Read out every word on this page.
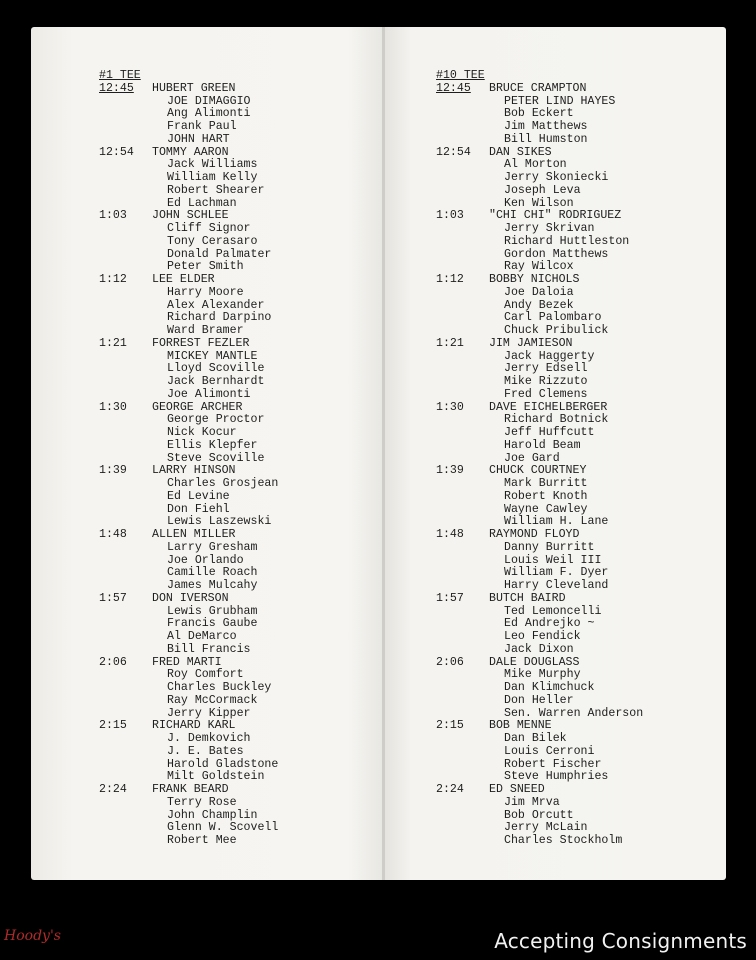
#1 TEE
12:45	HUBERT GREEN
JOE DIMAGGIO
Ang Alimonti
Frank Paul
JOHN HART
12:54	TOMMY AARON
Jack Williams
William Kelly
Robert Shearer
Ed Lachman
1:03	JOHN SCHLEE
Cliff Signor
Tony Cerasaro
Donald Palmater
Peter Smith
1:12	LEE ELDER
Harry Moore
Alex Alexander
Richard Darpino
Ward Bramer
1:21	FORREST FEZLER
MICKEY MANTLE
Lloyd Scoville
Jack Bernhardt
Joe Alimonti
1:30	GEORGE ARCHER
George Proctor
Nick Kocur
Ellis Klepfer
Steve Scoville
1:39	LARRY HINSON
Charles Grosjean
Ed Levine
Don Fiehl
Lewis Laszewski
1:48	ALLEN MILLER
Larry Gresham
Joe Orlando
Camille Roach
James Mulcahy
1:57	DON IVERSON
Lewis Grubham
Francis Gaube
Al DeMarco
Bill Francis
2:06	FRED MARTI
Roy Comfort
Charles Buckley
Ray McCormack
Jerry Kipper
2:15	RICHARD KARL
J. Demkovich
J. E. Bates
Harold Gladstone
Milt Goldstein
2:24	FRANK BEARD
Terry Rose
John Champlin
Glenn W. Scovell
Robert Mee
#10 TEE
12:45	BRUCE CRAMPTON
PETER LIND HAYES
Bob Eckert
Jim Matthews
Bill Humston
12:54	DAN SIKES
Al Morton
Jerry Skoniecki
Joseph Leva
Ken Wilson
1:03	"CHI CHI" RODRIGUEZ
Jerry Skrivan
Richard Huttleston
Gordon Matthews
Ray Wilcox
1:12	BOBBY NICHOLS
Joe Daloia
Andy Bezek
Carl Palombaro
Chuck Pribulick
1:21	JIM JAMIESON
Jack Haggerty
Jerry Edsell
Mike Rizzuto
Fred Clemens
1:30	DAVE EICHELBERGER
Richard Botnick
Jeff Huffcutt
Harold Beam
Joe Gard
1:39	CHUCK COURTNEY
Mark Burritt
Robert Knoth
Wayne Cawley
William H. Lane
1:48	RAYMOND FLOYD
Danny Burritt
Louis Weil III
William F. Dyer
Harry Cleveland
1:57	BUTCH BAIRD
Ted Lemoncelli
Ed Andrejko ~
Leo Fendick
Jack Dixon
2:06	DALE DOUGLASS
Mike Murphy
Dan Klimchuck
Don Heller
Sen. Warren Anderson
2:15	BOB MENNE
Dan Bilek
Louis Cerroni
Robert Fischer
Steve Humphries
2:24	ED SNEED
Jim Mrva
Bob Orcutt
Jerry McLain
Charles Stockholm
Hoody's	Accepting Consignments
